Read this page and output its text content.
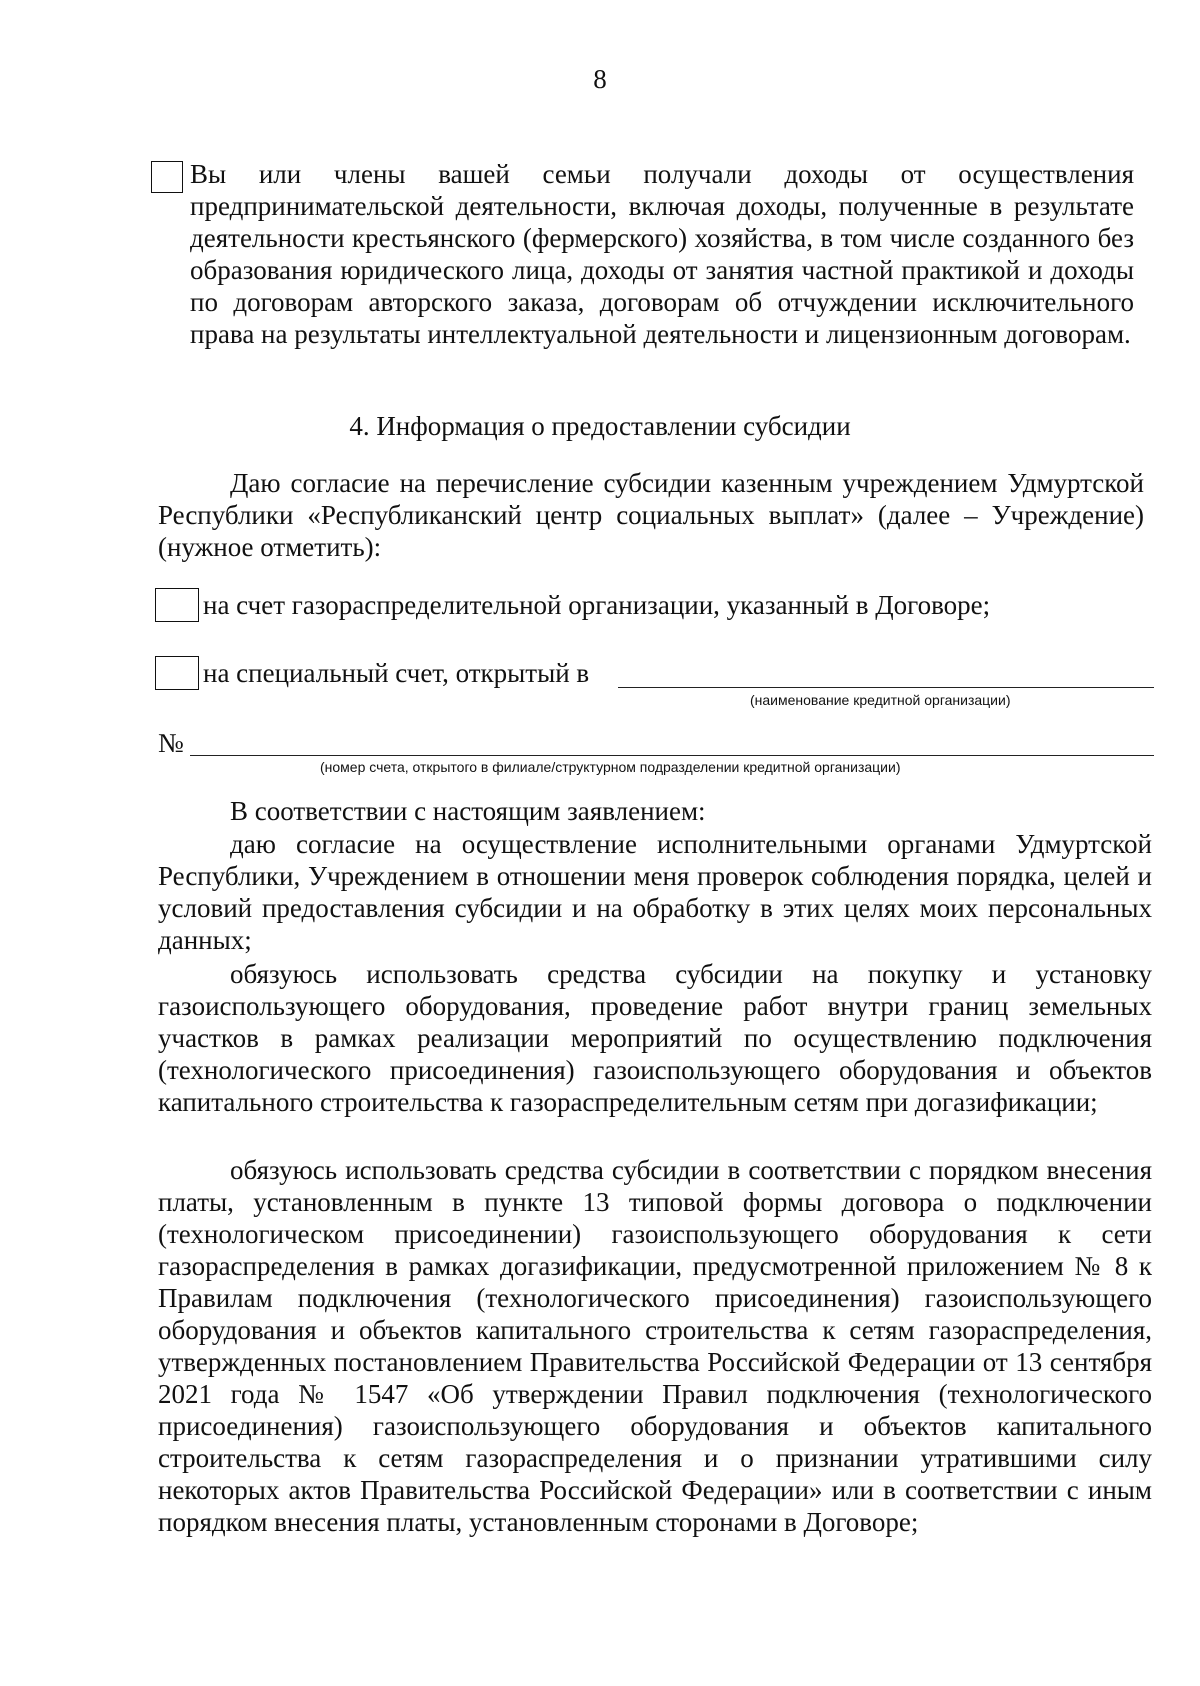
8

Вы или члены вашей семьи получали доходы от осуществления предпринимательской деятельности, включая доходы, полученные в результате деятельности крестьянского (фермерского) хозяйства, в том числе созданного без образования юридического лица, доходы от занятия частной практикой и доходы по договорам авторского заказа, договорам об отчуждении исключительного права на результаты интеллектуальной деятельности и лицензионным договорам.

4. Информация о предоставлении субсидии

Даю согласие на перечисление субсидии казенным учреждением Удмуртской Республики «Республиканский центр социальных выплат» (далее – Учреждение) (нужное отметить):

на счет газораспределительной организации, указанный в Договоре;
на специальный счет, открытый в
(наименование кредитной организации)
№
(номер счета, открытого в филиале/структурном подразделении кредитной организации)
В соответствии с настоящим заявлением:

даю согласие на осуществление исполнительными органами Удмуртской Республики, Учреждением в отношении меня проверок соблюдения порядка, целей и условий предоставления субсидии и на обработку в этих целях моих персональных данных;

обязуюсь использовать средства субсидии на покупку и установку газоиспользующего оборудования, проведение работ внутри границ земельных участков в рамках реализации мероприятий по осуществлению подключения (технологического присоединения) газоиспользующего оборудования и объектов капитального строительства к газораспределительным сетям при догазификации;

обязуюсь использовать средства субсидии в соответствии с порядком внесения платы, установленным в пункте 13 типовой формы договора о подключении (технологическом присоединении) газоиспользующего оборудования к сети газораспределения в рамках догазификации, предусмотренной приложением № 8 к Правилам подключения (технологического присоединения) газоиспользующего оборудования и объектов капитального строительства к сетям газораспределения, утвержденных постановлением Правительства Российской Федерации от 13 сентября 2021 года № 1547 «Об утверждении Правил подключения (технологического присоединения) газоиспользующего оборудования и объектов капитального строительства к сетям газораспределения и о признании утратившими силу некоторых актов Правительства Российской Федерации» или в соответствии с иным порядком внесения платы, установленным сторонами в Договоре;
